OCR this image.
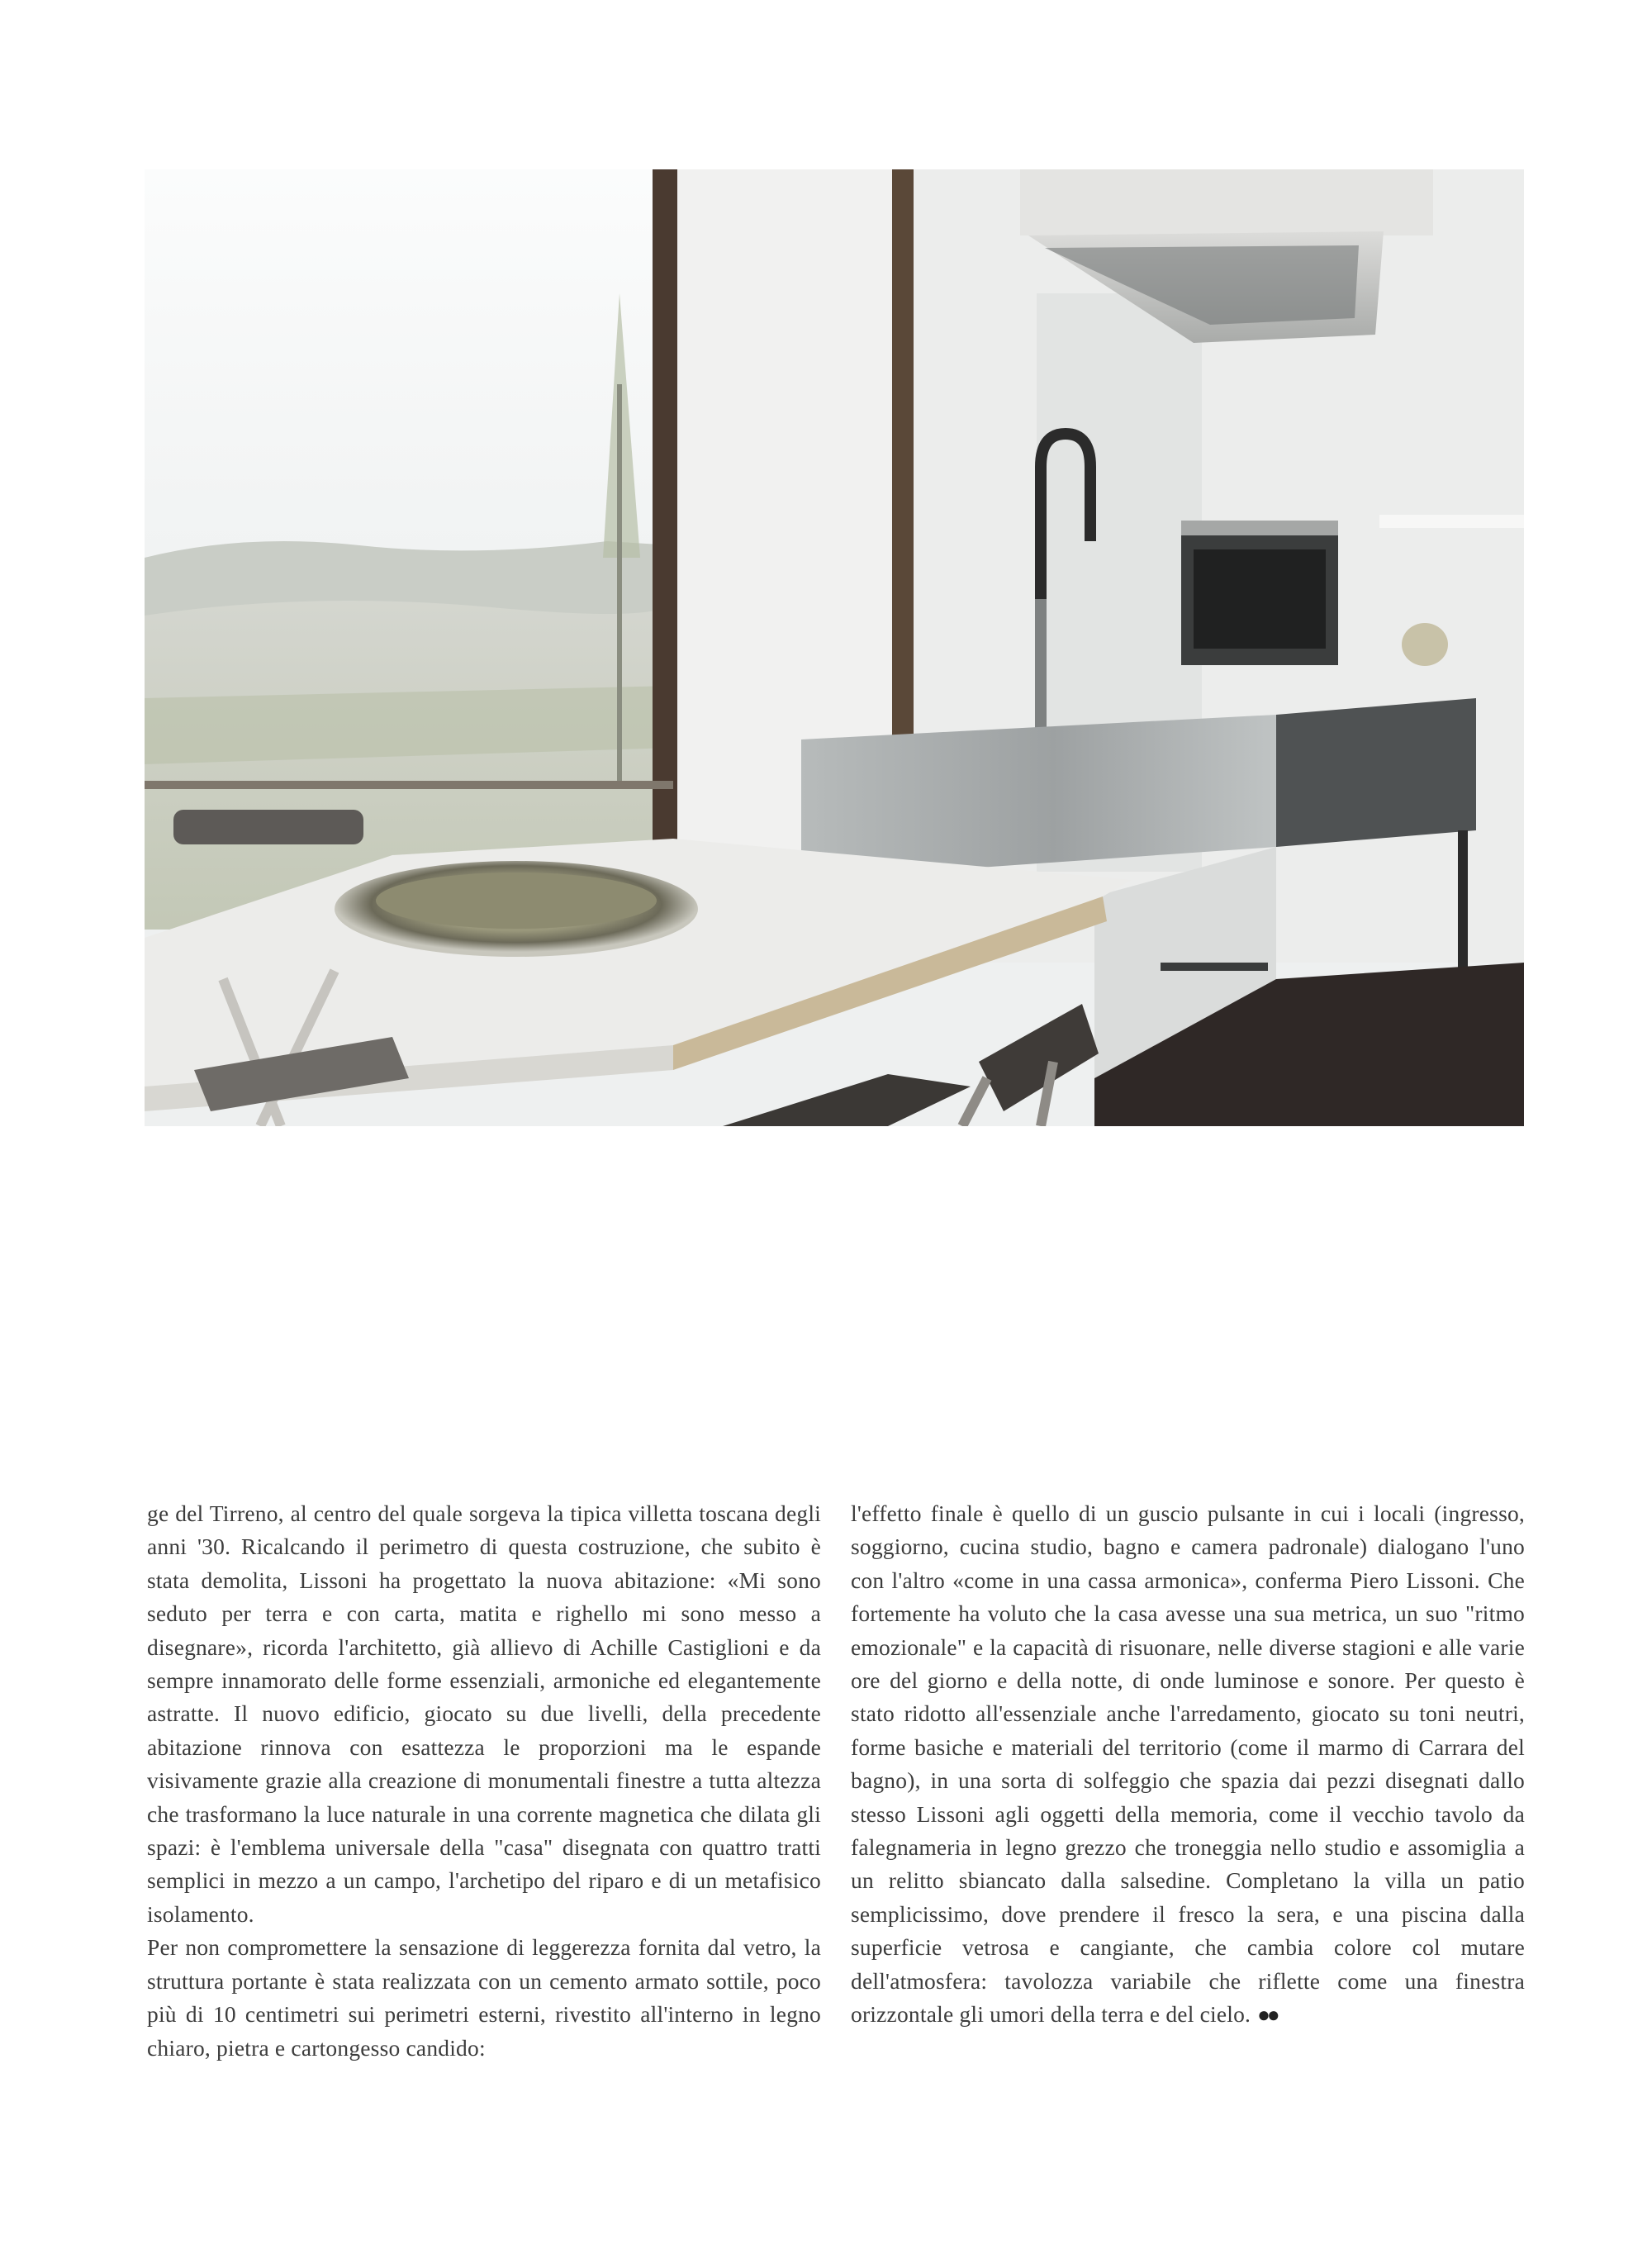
ge del Tirreno, al centro del quale sorgeva la tipica villetta toscana degli anni '30. Ricalcando il perimetro di questa costruzione, che subito è stata demolita, Lissoni ha progettato la nuova abitazione: «Mi sono seduto per terra e con carta, matita e righello mi sono messo a disegnare», ricorda l'architetto, già allievo di Achille Castiglioni e da sempre innamorato delle forme essenziali, armoniche ed elegantemente astratte. Il nuovo edificio, giocato su due livelli, della precedente abitazione rinnova con esattezza le proporzioni ma le espande visivamente grazie alla creazione di monumentali finestre a tutta altezza che trasformano la luce naturale in una corrente magnetica che dilata gli spazi: è l'emblema universale della "casa" disegnata con quattro tratti semplici in mezzo a un campo, l'archetipo del riparo e di un metafisico isolamento.

Per non compromettere la sensazione di leggerezza fornita dal vetro, la struttura portante è stata realizzata con un cemento armato sottile, poco più di 10 centimetri sui perimetri esterni, rivestito all'interno in legno chiaro, pietra e cartongesso candido:

l'effetto finale è quello di un guscio pulsante in cui i locali (ingresso, soggiorno, cucina studio, bagno e camera padronale) dialogano l'uno con l'altro «come in una cassa armonica», conferma Piero Lissoni. Che fortemente ha voluto che la casa avesse una sua metrica, un suo "ritmo emozionale" e la capacità di risuonare, nelle diverse stagioni e alle varie ore del giorno e della notte, di onde luminose e sonore. Per questo è stato ridotto all'essenziale anche l'arredamento, giocato su toni neutri, forme basiche e materiali del territorio (come il marmo di Carrara del bagno), in una sorta di solfeggio che spazia dai pezzi disegnati dallo stesso Lissoni agli oggetti della memoria, come il vecchio tavolo da falegnameria in legno grezzo che troneggia nello studio e assomiglia a un relitto sbiancato dalla salsedine. Completano la villa un patio semplicissimo, dove prendere il fresco la sera, e una piscina dalla superficie vetrosa e cangiante, che cambia colore col mutare dell'atmosfera: tavolozza variabile che riflette come una finestra orizzontale gli umori della terra e del cielo. ●●
